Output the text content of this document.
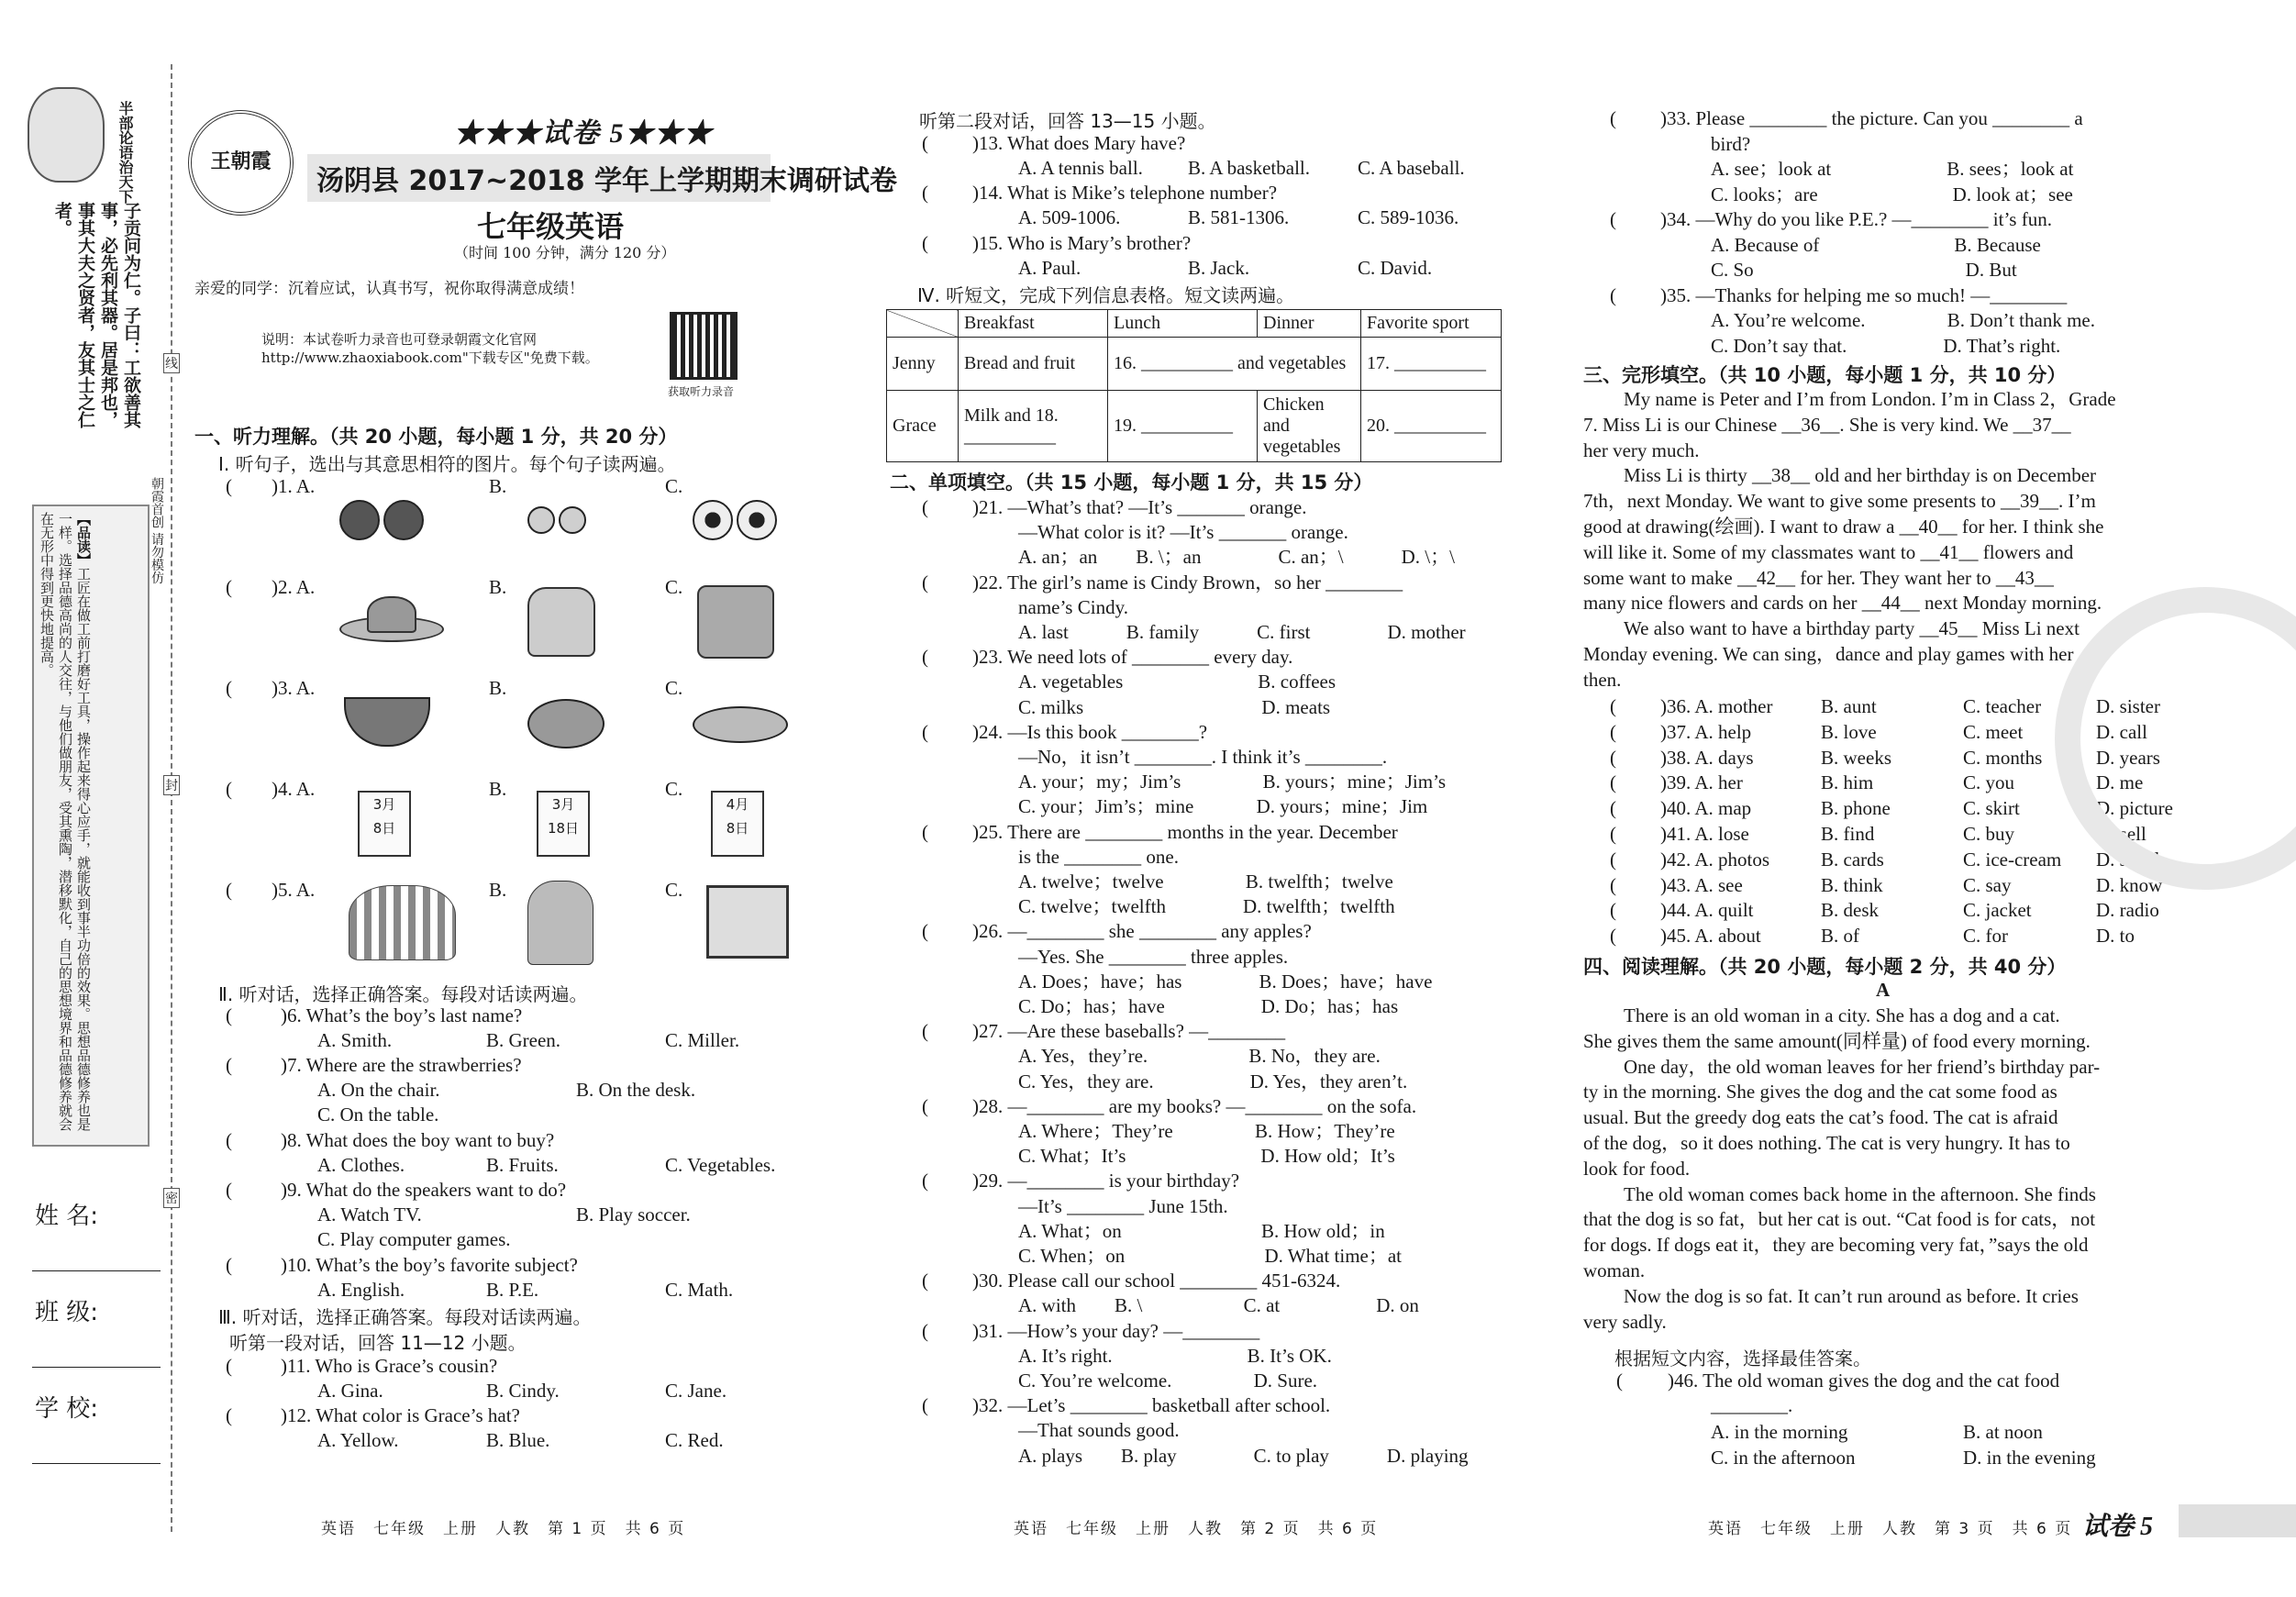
半部论语治天下
子贡问为仁。子曰：工欲善其事，必先利其器。居是邦也，事其大夫之贤者，友其士之仁者。
【品读】工匠在做工前打磨好工具，操作起来得心应手，就能收到事半功倍的效果。思想品德修养也是一样。选择品德高尚的人交往，与他们做朋友，受其熏陶，潜移默化，自己的思想境界和品德修养就会在无形中得到更快地提高。	朝霞首创 请勿模仿
姓 名:
班 级:
学 校:
线
封
密
王朝霞
★★★试卷 5★★★
汤阴县 2017~2018 学年上学期期末调研试卷
七年级英语
（时间 100 分钟，满分 120 分）
亲爱的同学：沉着应试，认真书写，祝你取得满意成绩！
说明：本试卷听力录音也可登录朝霞文化官网 http://www.zhaoxiabook.com"下载专区"免费下载。
获取听力录音
一、听力理解。（共 20 小题，每小题 1 分，共 20 分）
Ⅰ. 听句子，选出与其意思相符的图片。每个句子读两遍。
( )1. A.	B.	C.
( )2. A.	B.	C.
( )3. A.	B.	C.
( )4. A.	B.	C.
3月
8日
3月
18日
4月
8日
( )5. A.	B.	C.
Ⅱ. 听对话，选择正确答案。每段对话读两遍。
(	)6. What’s the boy’s last name?
A. Smith.	B. Green.	C. Miller.
(	)7. Where are the strawberries?
A. On the chair.	B. On the desk.
C. On the table.
(	)8. What does the boy want to buy?
A. Clothes.	B. Fruits.	C. Vegetables.
(	)9. What do the speakers want to do?
A. Watch TV.	B. Play soccer.
C. Play computer games.
(	)10. What’s the boy’s favorite subject?
A. English.	B. P.E.	C. Math.
Ⅲ. 听对话，选择正确答案。每段对话读两遍。
听第一段对话，回答 11—12 小题。
(	)11. Who is Grace’s cousin?
A. Gina.	B. Cindy.	C. Jane.
(	)12. What color is Grace’s hat?
A. Yellow.	B. Blue.	C. Red.
英语　七年级　上册　人教　第 1 页　共 6 页
听第二段对话，回答 13—15 小题。
( )13. What does Mary have?
A. A tennis ball. B. A basketball. C. A baseball.
( )14. What is Mike’s telephone number?
A. 509-1006.	B. 581-1306.	C. 589-1036.
( )15. Who is Mary’s brother?
A. Paul.	B. Jack.	C. David.
Ⅳ. 听短文，完成下列信息表格。短文读两遍。
	Breakfast	Lunch	Dinner	Favorite sport
Jenny	Bread and fruit	16. __________ and vegetables		17. __________
Grace	Milk and 18. __________	19. __________	Chicken and vegetables	20. __________
二、单项填空。（共 15 小题，每小题 1 分，共 15 分）
)21. —What’s that? —It’s _______ orange.
(
—What color is it? —It’s _______ orange.
A. an；an　　B. \；an　　　　C. an；\　　　D. \；\
)22. The girl’s name is Cindy Brown，so her ________
(
name’s Cindy.
A. last　　　B. family　　　C. first　　　　D. mother
)23. We need lots of ________ every day.
(
A. vegetables　　　　　　　B. coffees
C. milks　　　　　　　　　 D. meats
)24. —Is this book ________?
(
—No，it isn’t ________. I think it’s ________.
A. your；my；Jim’s　　　　 B. yours；mine；Jim’s
C. your；Jim’s；mine　　　 D. yours；mine；Jim
)25. There are ________ months in the year. December
(
is the ________ one.
A. twelve；twelve　　　　 B. twelfth；twelve
C. twelve；twelfth　　　　D. twelfth；twelfth
)26. —________ she ________ any apples?
(
—Yes. She ________ three apples.
A. Does；have；has　　　　B. Does；have；have
C. Do；has；have　　　　　D. Do；has；has
)27. —Are these baseballs? —________
(
A. Yes，they’re.　　　　　 B. No，they are.
C. Yes，they are.　　　　　D. Yes，they aren’t.
)28. —________ are my books? —________ on the sofa.
(
A. Where；They’re　　　　 B. How；They’re
C. What；It’s　　　　　　　D. How old；It’s
)29. —________ is your birthday?
(
—It’s ________ June 15th.
A. What；on　　　　　　　 B. How old；in
C. When；on　　　　　　　 D. What time；at
)30. Please call our school ________ 451-6324.
(
A. with　　B. \　　　　　 C. at　　　　　D. on
)31. —How’s your day? —________
(
A. It’s right.　　　　　　　B. It’s OK.
C. You’re welcome.　　　　 D. Sure.
)32. —Let’s ________ basketball after school.
(
—That sounds good.
A. plays　　B. play　　　　C. to play　　　D. playing
英语　七年级　上册　人教　第 2 页　共 6 页
)33. Please ________ the picture. Can you ________ a
(
bird?
A. see；look at　　　　　　B. sees；look at
C. looks；are　　　　　　　D. look at；see
)34. —Why do you like P.E.? —________ it’s fun.
(
A. Because of　　　　　　　B. Because
C. So　　　　　　　　　　　D. But
)35. —Thanks for helping me so much! —________
(
A. You’re welcome.　　　　 B. Don’t thank me.
C. Don’t say that.　　　　　D. That’s right.
三、完形填空。（共 10 小题，每小题 1 分，共 10 分）
My name is Peter and I’m from London. I’m in Class 2，Grade
7. Miss Li is our Chinese __36__. She is very kind. We __37__
her very much.
Miss Li is thirty __38__ old and her birthday is on December
7th，next Monday. We want to give some presents to __39__. I’m
good at drawing(绘画). I want to draw a __40__ for her. I think she
will like it. Some of my classmates want to __41__ flowers and
some want to make __42__ for her. They want her to __43__
many nice flowers and cards on her __44__ next Monday morning.
We also want to have a birthday party __45__ Miss Li next
Monday evening. We can sing，dance and play games with her
then.
( )36. A. mother	B. aunt	C. teacher	D. sister
( )37. A. help	B. love	C. meet	D. call
( )38. A. days	B. weeks	C. months	D. years
( )39. A. her	B. him	C. you	D. me
( )40. A. map	B. phone	C. skirt	D. picture
( )41. A. lose	B. find	C. buy	D. sell
( )42. A. photos	B. cards	C. ice-cream D. salad
( )43. A. see	B. think	C. say	D. know
( )44. A. quilt	B. desk	C. jacket	D. radio
( )45. A. about	B. of	C. for	D. to
四、阅读理解。（共 20 小题，每小题 2 分，共 40 分）
A
There is an old woman in a city. She has a dog and a cat.
She gives them the same amount(同样量) of food every morning.
One day，the old woman leaves for her friend’s birthday par-
ty in the morning. She gives the dog and the cat some food as
usual. But the greedy dog eats the cat’s food. The cat is afraid
of the dog，so it does nothing. The cat is very hungry. It has to
look for food.
The old woman comes back home in the afternoon. She finds
that the dog is so fat，but her cat is out. “Cat food is for cats，not
for dogs. If dogs eat it，they are becoming very fat，”says the old
woman.
Now the dog is so fat. It can’t run around as before. It cries
very sadly.
根据短文内容，选择最佳答案。
( )46. The old woman gives the dog and the cat food
________.
A. in the morning	B. at noon
C. in the afternoon	D. in the evening
英语　七年级　上册　人教　第 3 页　共 6 页 试卷 5
